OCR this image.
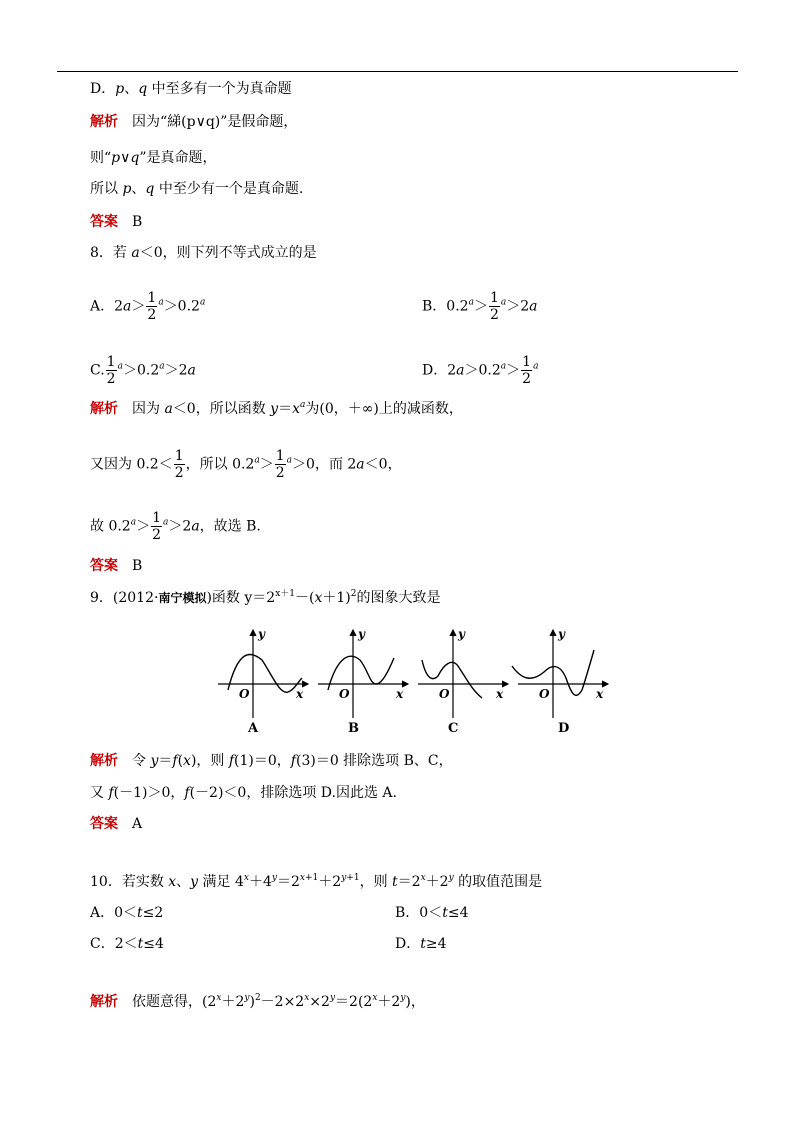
D．p、q 中至多有一个为真命题
解析 因为“綈(p∨q)”是假命题，
则“p∨q”是真命题，
所以 p、q 中至少有一个是真命题.
答案 B
8．若 a＜0，则下列不等式成立的是
A．$2a> \frac{1}{2} ^a>0.2^a$	B．$0.2^a> \frac{1}{2} ^a>2a$
C. $\frac{1}{2} ^a>0.2^a>2a$	D．$2a>0.2^a> \frac{1}{2} ^a$
解析 因为 a＜0，所以函数 $y=x^a$为(0，＋∞)上的减函数，
又因为 $0.2< \frac{1}{2}$ ，所以 $0.2^a> \frac{1}{2} ^a>0$，而 2a＜0，
故 $0.2^a> \frac{1}{2} ^a>2a$，故选 B.
答案 B
9．(2012·南宁模拟)函数 $y=2^{x+1}-(x+1)^2$的图象大致是
y
x
O
A
y
x
O
B
y
x
O
C
y
x
O
D
解析 令 y＝f(x)，则 f(1)＝0，f(3)＝0 排除选项 B、C，
又 f(－1)＞0，f(－2)＜0，排除选项 D.因此选 A.
答案 A
10．若实数 x、y 满足 $4^x+4^y=2^{x+1}+2^{y+1}$，则 $t=2^x+2^y$ 的取值范围是
A．0＜t≤2	B．0＜t≤4
C．2＜t≤4	D．t≥4
解析 依题意得，$(2^x+2^y)^2-2\times 2^x\times 2^y=2(2^x+2^y)$，
